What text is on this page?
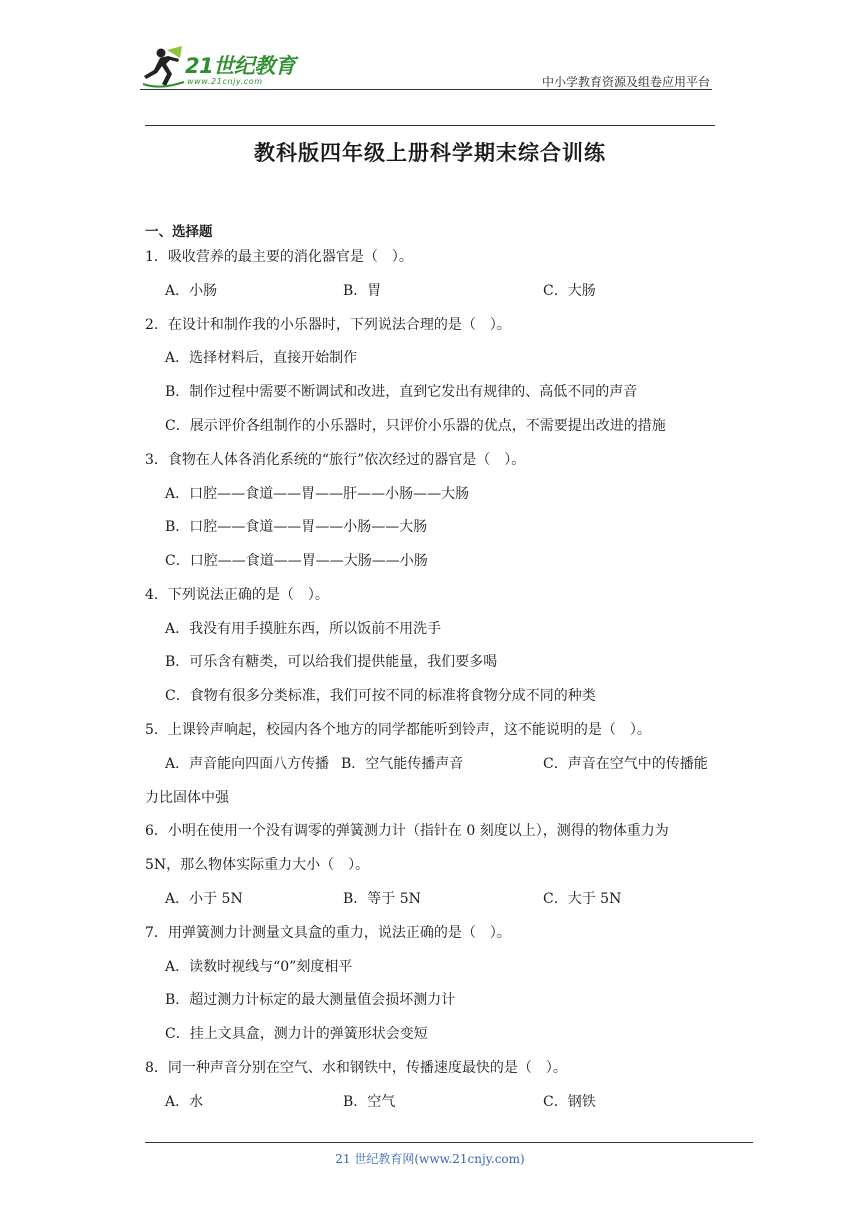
21世纪教育
www.21cnjy.com	中小学教育资源及组卷应用平台
教科版四年级上册科学期末综合训练
一、选择题
1．吸收营养的最主要的消化器官是（　）。
A．小肠	B．胃	C．大肠
2．在设计和制作我的小乐器时，下列说法合理的是（　）。
A．选择材料后，直接开始制作
B．制作过程中需要不断调试和改进，直到它发出有规律的、高低不同的声音
C．展示评价各组制作的小乐器时，只评价小乐器的优点，不需要提出改进的措施
3．食物在人体各消化系统的“旅行”依次经过的器官是（　）。
A．口腔——食道——胃——肝——小肠——大肠
B．口腔——食道——胃——小肠——大肠
C．口腔——食道——胃——大肠——小肠
4．下列说法正确的是（　）。
A．我没有用手摸脏东西，所以饭前不用洗手
B．可乐含有糖类，可以给我们提供能量，我们要多喝
C．食物有很多分类标准，我们可按不同的标准将食物分成不同的种类
5．上课铃声响起，校园内各个地方的同学都能听到铃声，这不能说明的是（　）。
A．声音能向四面八方传播 B．空气能传播声音	C．声音在空气中的传播能
力比固体中强
6．小明在使用一个没有调零的弹簧测力计（指针在 0 刻度以上），测得的物体重力为
5N，那么物体实际重力大小（　）。
A．小于 5N	B．等于 5N	C．大于 5N
7．用弹簧测力计测量文具盒的重力，说法正确的是（　）。
A．读数时视线与“0”刻度相平
B．超过测力计标定的最大测量值会损坏测力计
C．挂上文具盒，测力计的弹簧形状会变短
8．同一种声音分别在空气、水和钢铁中，传播速度最快的是（　）。
A．水	B．空气	C．钢铁
21 世纪教育网(www.21cnjy.com)
